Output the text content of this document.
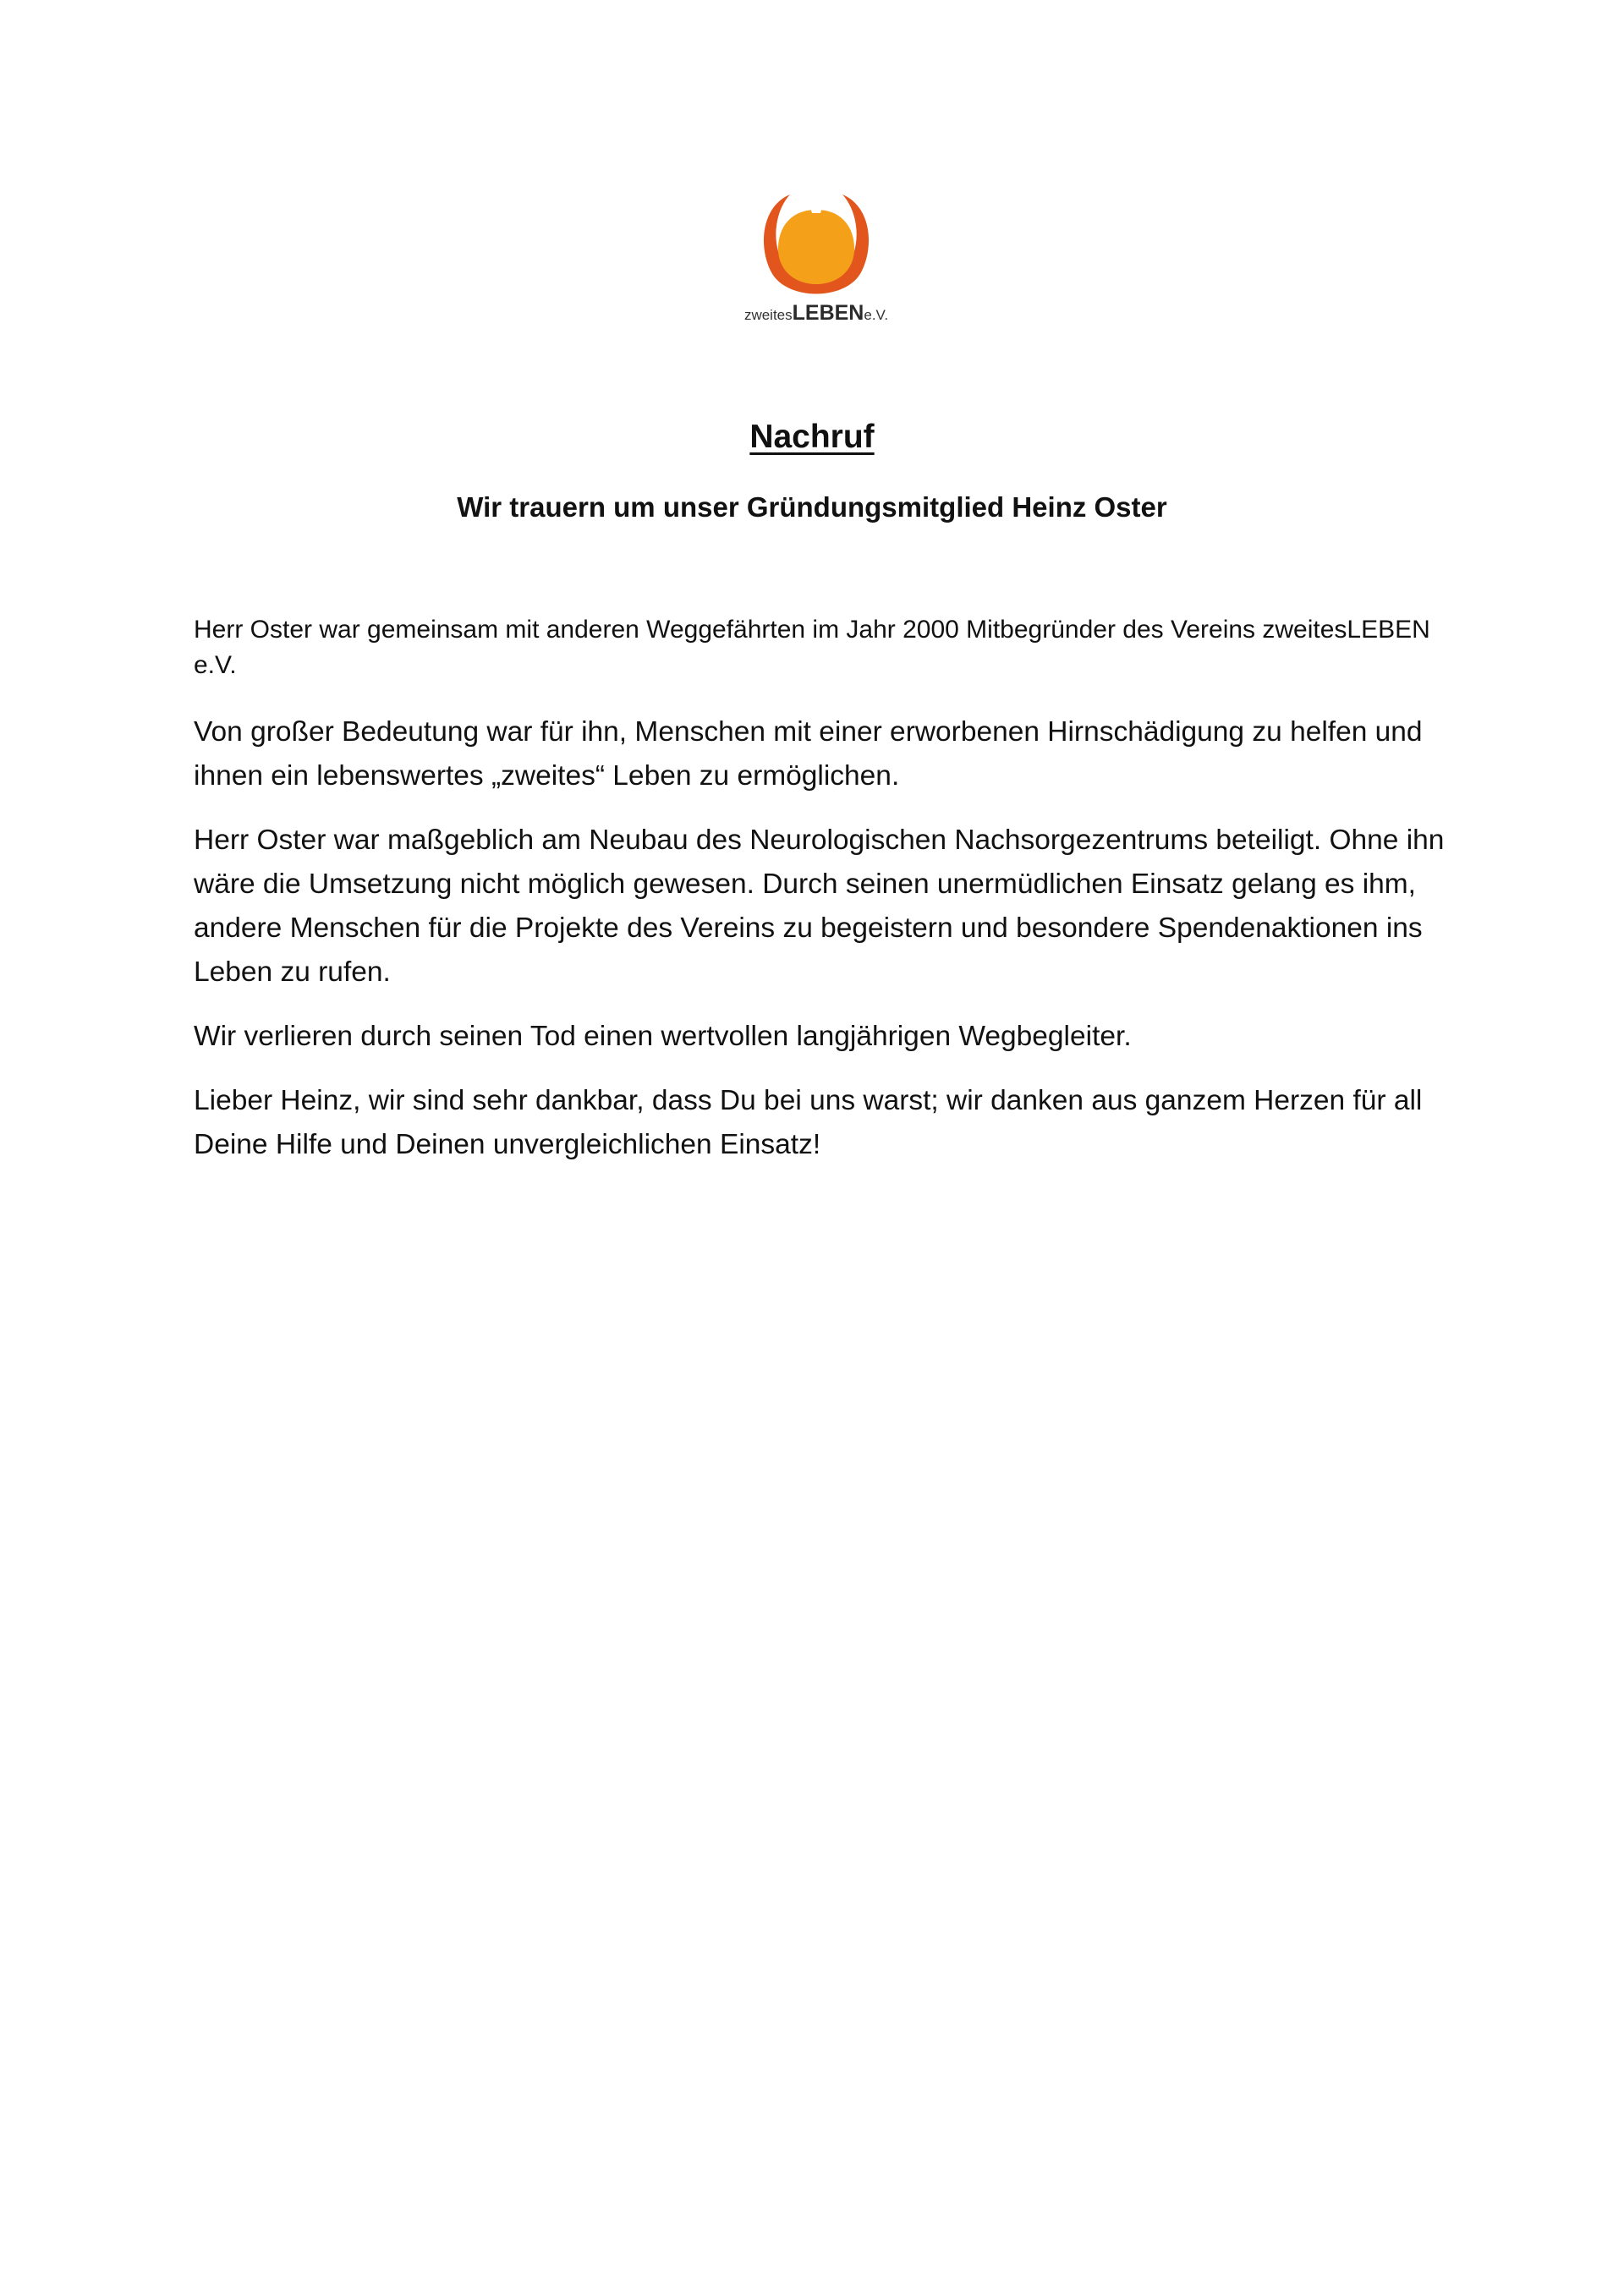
zweitesLEBENe.V.
Nachruf
Wir trauern um unser Gründungsmitglied Heinz Oster

Herr Oster war gemeinsam mit anderen Weggefährten im Jahr 2000 Mitbegründer des Vereins zweitesLEBEN e.V.

Von großer Bedeutung war für ihn, Menschen mit einer erworbenen Hirnschädigung zu helfen und ihnen ein lebenswertes „zweites“ Leben zu ermöglichen.

Herr Oster war maßgeblich am Neubau des Neurologischen Nachsorgezentrums beteiligt. Ohne ihn wäre die Umsetzung nicht möglich gewesen. Durch seinen unermüdlichen Einsatz gelang es ihm, andere Menschen für die Projekte des Vereins zu begeistern und besondere Spendenaktionen ins Leben zu rufen.

Wir verlieren durch seinen Tod einen wertvollen langjährigen Wegbegleiter.

Lieber Heinz, wir sind sehr dankbar, dass Du bei uns warst; wir danken aus ganzem Herzen für all Deine Hilfe und Deinen unvergleichlichen Einsatz!
